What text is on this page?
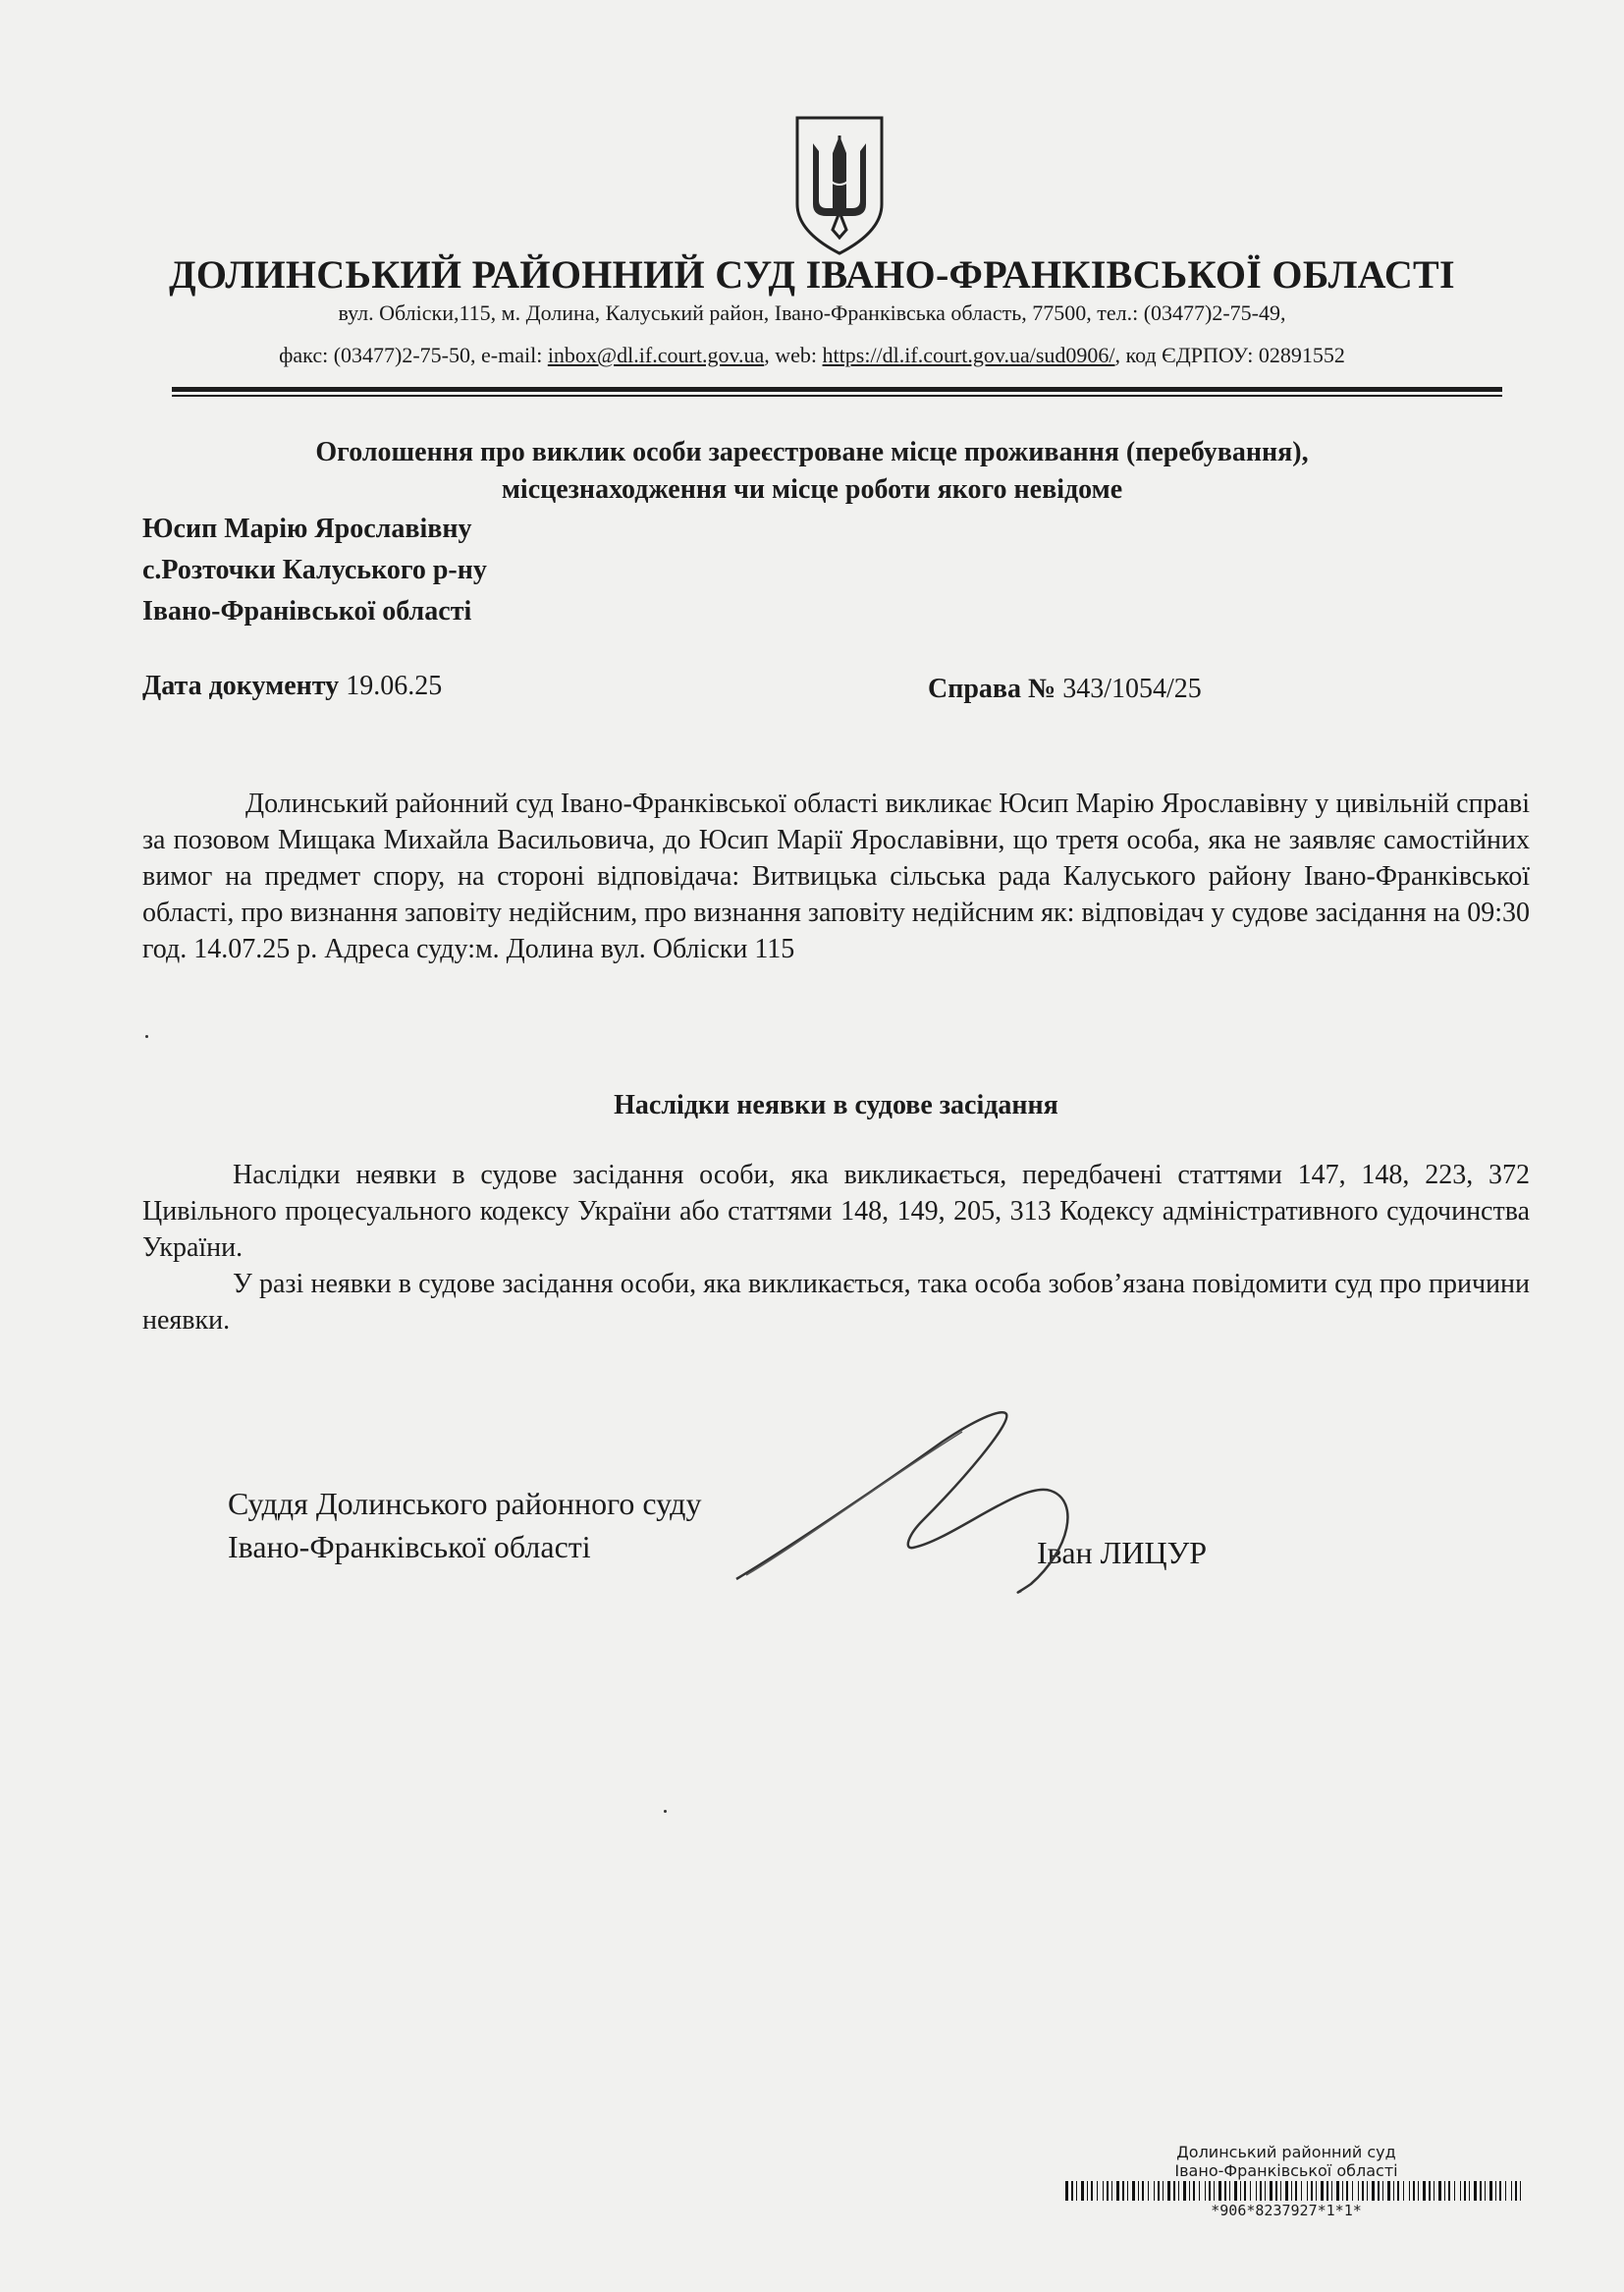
ДОЛИНСЬКИЙ РАЙОННИЙ СУД ІВАНО-ФРАНКІВСЬКОЇ ОБЛАСТІ
вул. Обліски,115, м. Долина, Калуський район, Івано-Франківська область, 77500, тел.: (03477)2-75-49,
факс: (03477)2-75-50, e-mail: inbox@dl.if.court.gov.ua, web: https://dl.if.court.gov.ua/sud0906/, код ЄДРПОУ: 02891552
Оголошення про виклик особи зареєстроване місце проживання (перебування),
місцезнаходження чи місце роботи якого невідоме
Юсип Марію Ярославівну
с.Розточки Калуського р-ну
Івано-Франівської області
Дата документу 19.06.25	Справа № 343/1054/25

Долинський районний суд Івано-Франківської області викликає Юсип Марію Ярославівну у цивільній справі за позовом Мищака Михайла Васильовича, до Юсип Марії Ярославівни, що третя особа, яка не заявляє самостійних вимог на предмет спору, на стороні відповідача: Витвицька сільська рада Калуського району Івано-Франківської області, про визнання заповіту недійсним, про визнання заповіту недійсним як: відповідач у судове засідання на 09:30 год. 14.07.25 р. Адреса суду:м. Долина вул. Обліски 115

Наслідки неявки в судове засідання

Наслідки неявки в судове засідання особи, яка викликається, передбачені статтями 147, 148, 223, 372 Цивільного процесуального кодексу України або статтями 148, 149, 205, 313 Кодексу адміністративного судочинства України.

У разі неявки в судове засідання особи, яка викликається, така особа зобов’язана повідомити суд про причини неявки.

Суддя Долинського районного суду
Івано-Франківської області	Іван ЛИЦУР
Долинський районний суд
Івано-Франківської області
*906*8237927*1*1*
